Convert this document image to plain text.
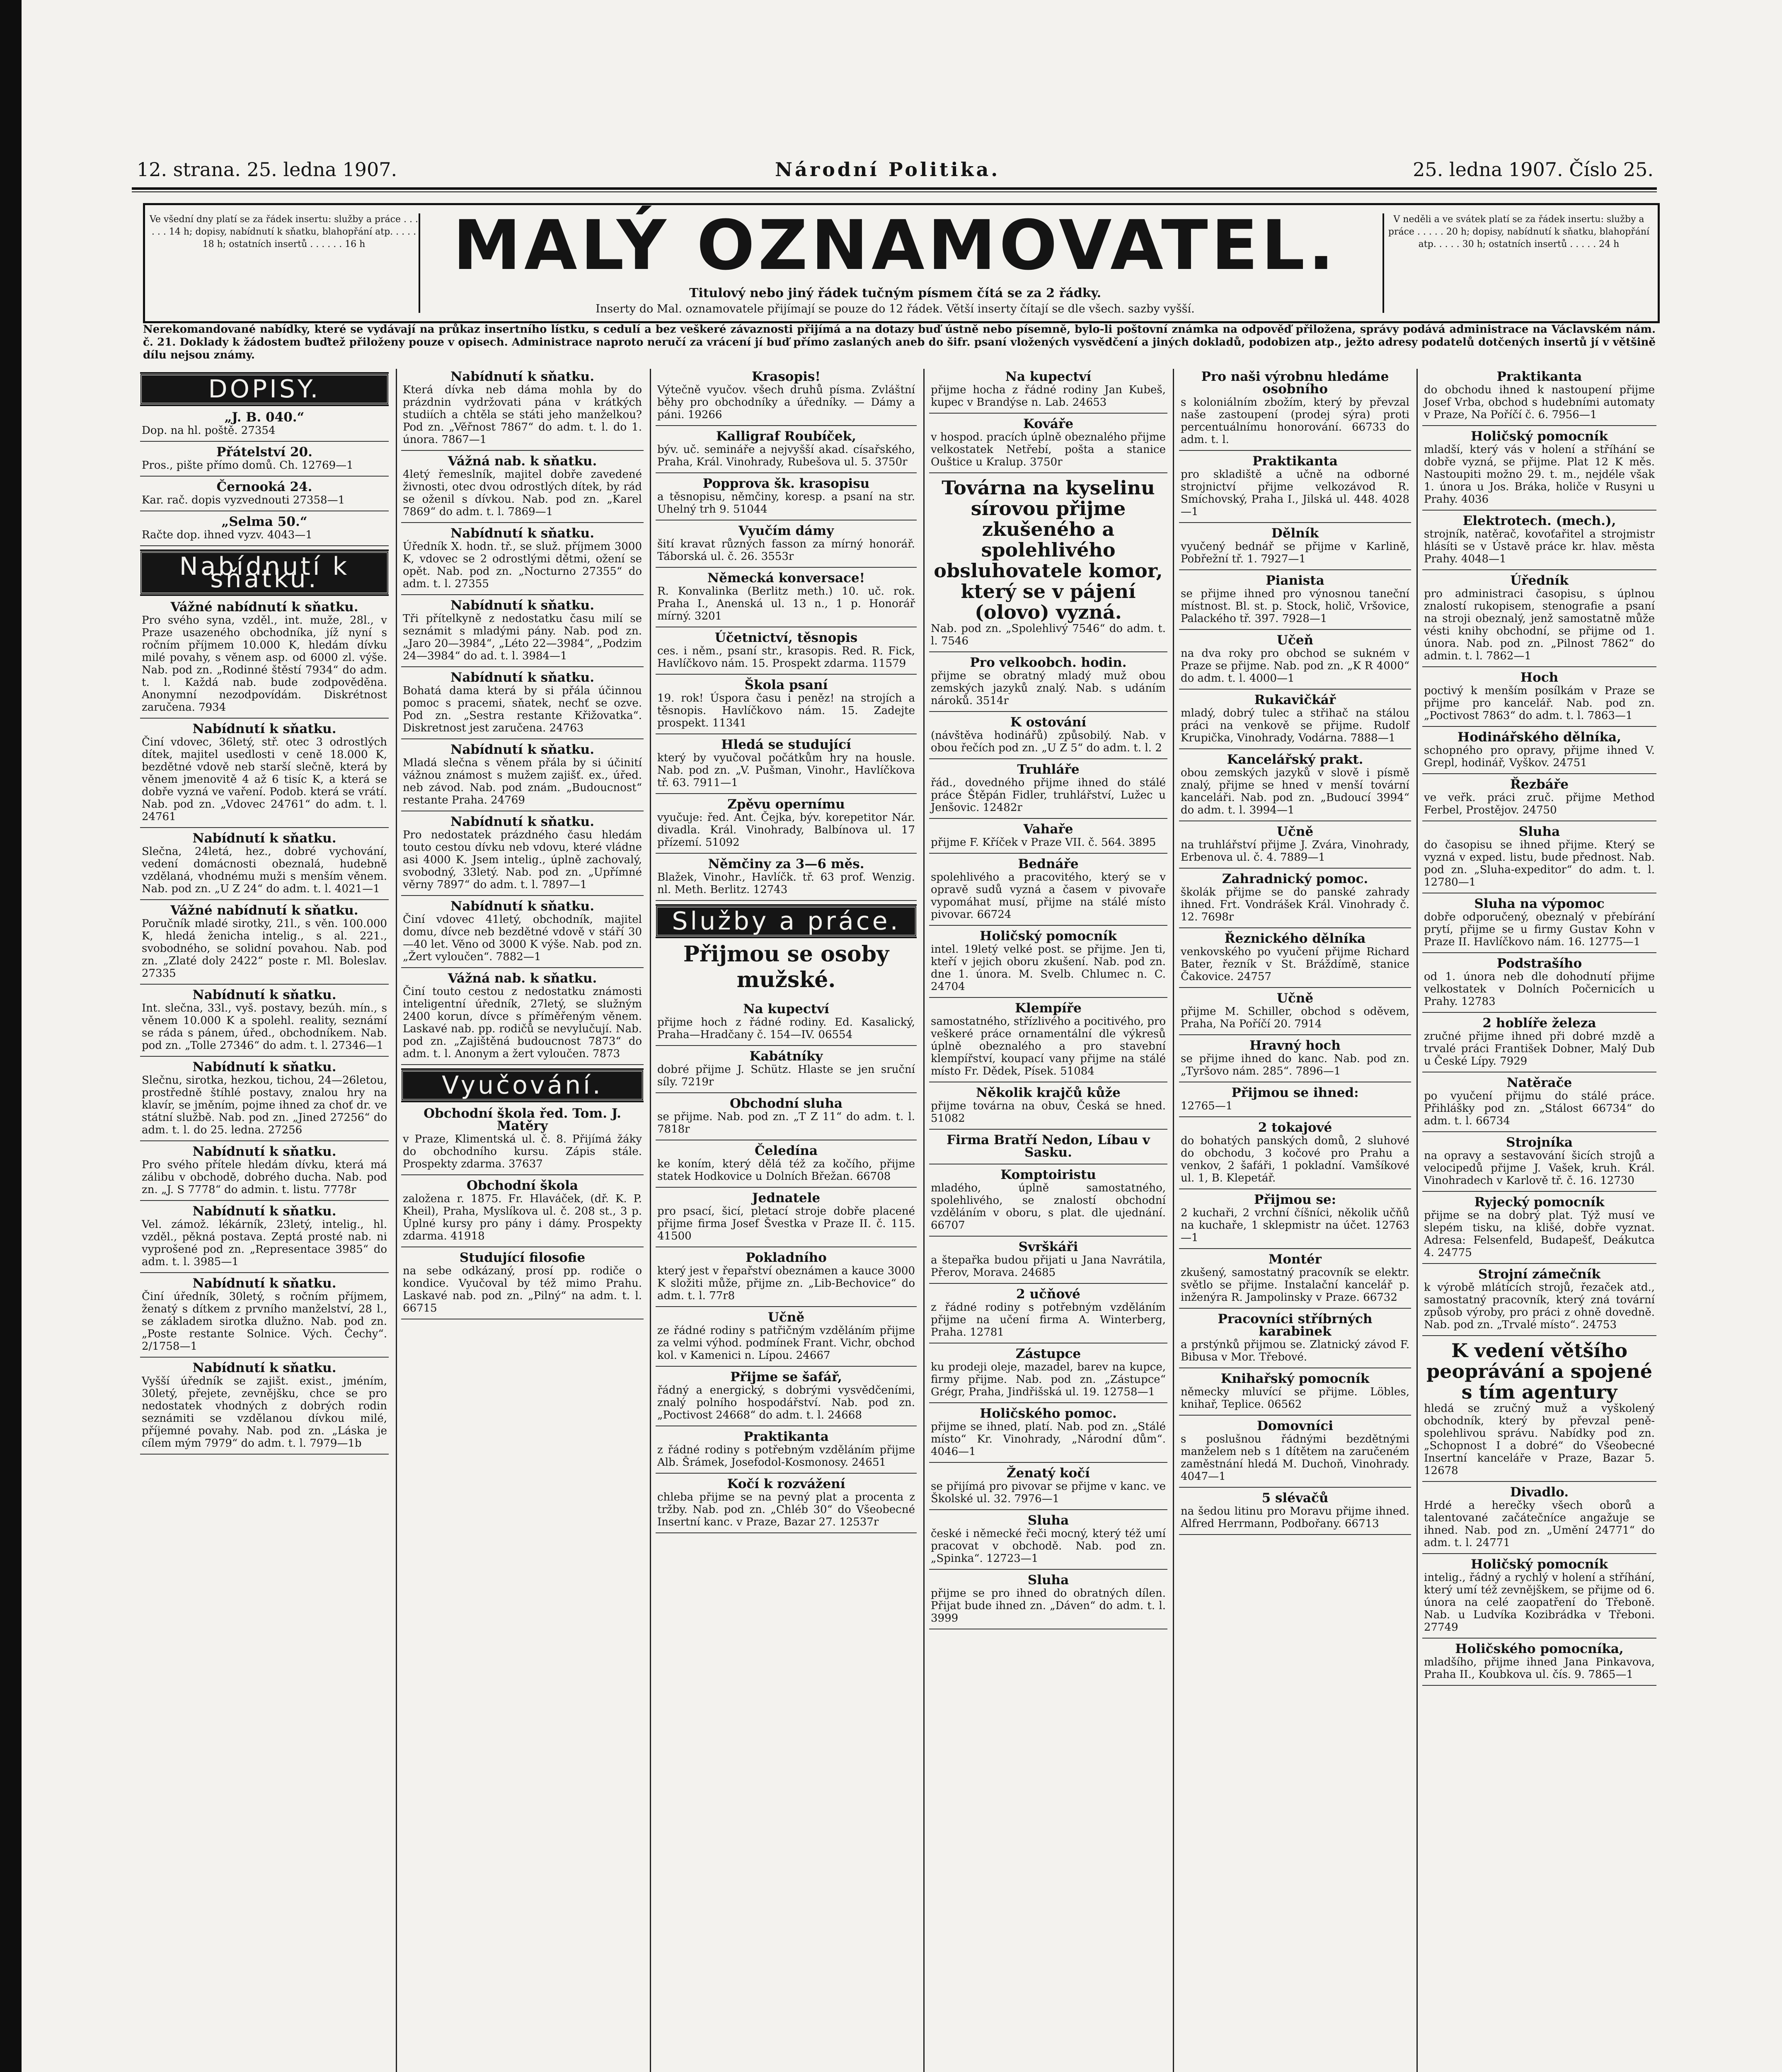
12. strana. 25. ledna 1907.	Národní Politika.	25. ledna 1907. Číslo 25.
Ve všední dny platí se za řádek insertu: služby a práce . . . . . . 14 h; dopisy, nabídnutí k sňatku, blahopřání atp. . . . . 18 h; ostatních insertů . . . . . . 16 h	MALÝ OZNAMOVATEL.
Titulový nebo jiný řádek tučným písmem čítá se za 2 řádky.
Inserty do Mal. oznamovatele přijímají se pouze do 12 řádek. Větší inserty čítají se dle všech. sazby vyšší.
V neděli a ve svátek platí se za řádek insertu: služby a práce . . . . . 20 h; dopisy, nabídnutí k sňatku, blahopřání atp. . . . . 30 h; ostatních insertů . . . . . 24 h
Nerekomandované nabídky, které se vydávají na průkaz insertního lístku, s cedulí a bez veškeré závaznosti přijímá a na dotazy buď ústně nebo písemně, bylo-li poštovní známka na odpověď přiložena, správy podává administrace na Václavském nám. č. 21. Doklady k žádostem buďtež přiloženy pouze v opisech. Administrace naproto neručí za vrácení jí buď přímo zaslaných aneb do šifr. psaní vložených vysvědčení a jiných dokladů, podobizen atp., ježto adresy podatelů dotčených insertů jí v většině dílu nejsou známy.
DOPISY.
„J. B. 040.“
Dop. na hl. poště. 27354
Přátelství 20.
Pros., pište přímo domů. Ch. 12769—1
Černooká 24.
Kar. rač. dopis vyzvednouti 27358—1
„Selma 50.“
Račte dop. ihned vyzv. 4043—1
Nabídnutí k sňatku.
Vážné nabídnutí k sňatku.
Pro svého syna, vzděl., int. muže, 28l., v Praze usazeného obchodníka, jíž nyní s ročním příjmem 10.000 K, hledám dívku milé povahy, s věnem asp. od 6000 zl. výše. Nab. pod zn. „Rodinné štěstí 7934“ do adm. t. l. Každá nab. bude zodpověděna. Anonymní nezodpovídám. Diskrétnost zaručena. 7934
Nabídnutí k sňatku.
Činí vdovec, 36letý, stř. otec 3 odrostlých dítek, majitel usedlosti v ceně 18.000 K, bezdětné vdově neb starší slečně, která by věnem jmenovitě 4 až 6 tisíc K, a která se dobře vyzná ve vaření. Podob. která se vrátí. Nab. pod zn. „Vdovec 24761“ do adm. t. l. 24761
Nabídnutí k sňatku.
Slečna, 24letá, hez., dobré vychování, vedení domácnosti obeznalá, hudebně vzdělaná, vhodnému muži s menším věnem. Nab. pod zn. „U Z 24“ do adm. t. l. 4021—1
Vážné nabídnutí k sňatku.
Poručník mladé sirotky, 21l., s věn. 100.000 K, hledá ženicha intelig., s al. 221., svobodného, se solidní povahou. Nab. pod zn. „Zlaté doly 2422“ poste r. Ml. Boleslav. 27335
Nabídnutí k sňatku.
Int. slečna, 33l., vyš. postavy, bezúh. mín., s věnem 10.000 K a spolehl. reality, seznámí se ráda s pánem, úřed., obchodníkem. Nab. pod zn. „Tolle 27346“ do adm. t. l. 27346—1
Nabídnutí k sňatku.
Slečnu, sirotka, hezkou, tichou, 24—26letou, prostředně štíhlé postavy, znalou hry na klavír, se jměním, pojme ihned za choť dr. ve státní službě. Nab. pod zn. „Jined 27256“ do adm. t. l. do 25. ledna. 27256
Nabídnutí k sňatku.
Pro svého přítele hledám dívku, která má zálibu v obchodě, dobrého ducha. Nab. pod zn. „J. S 7778“ do admin. t. listu. 7778r
Nabídnutí k sňatku.
Vel. zámož. lékárník, 23letý, intelig., hl. vzděl., pěkná postava. Zeptá prosté nab. ni vyprošené pod zn. „Representace 3985“ do adm. t. l. 3985—1
Nabídnutí k sňatku.
Činí úředník, 30letý, s ročním příjmem, ženatý s dítkem z prvního manželství, 28 l., se základem sirotka dlužno. Nab. pod zn. „Poste restante Solnice. Vých. Čechy“. 2/1758—1
Nabídnutí k sňatku.
Vyšší úředník se zajišt. exist., jméním, 30letý, přejete, zevnějšku, chce se pro nedostatek vhodných z dobrých rodin seznámiti se vzdělanou dívkou milé, příjemné povahy. Nab. pod zn. „Láska je cílem mým 7979“ do adm. t. l. 7979—1b
Nabídnutí k sňatku.
Která dívka neb dáma mohla by do prázdnin vydržovati pána v krátkých studiích a chtěla se státi jeho manželkou? Pod zn. „Věřnost 7867“ do adm. t. l. do 1. února. 7867—1
Vážná nab. k sňatku.
4letý řemeslník, majitel dobře zavedené živnosti, otec dvou odrostlých dítek, by rád se oženil s dívkou. Nab. pod zn. „Karel 7869“ do adm. t. l. 7869—1
Nabídnutí k sňatku.
Úředník X. hodn. tř., se služ. příjmem 3000 K, vdovec se 2 odrostlými dětmi, ožení se opět. Nab. pod zn. „Nocturno 27355“ do adm. t. l. 27355
Nabídnutí k sňatku.
Tři přítelkyně z nedostatku času milí se seznámit s mladými pány. Nab. pod zn. „Jaro 20—3984“, „Léto 22—3984“, „Podzim 24—3984“ do ad. t. l. 3984—1
Nabídnutí k sňatku.
Bohatá dama která by si přála účinnou pomoc s pracemi, sňatek, nechť se ozve. Pod zn. „Sestra restante Křižovatka“. Diskretnost jest zaručena. 24763
Nabídnutí k sňatku.
Mladá slečna s věnem přála by si účinití vážnou známost s mužem zajišť. ex., úřed. neb závod. Nab. pod znám. „Budoucnost“ restante Praha. 24769
Nabídnutí k sňatku.
Pro nedostatek prázdného času hledám touto cestou dívku neb vdovu, které vládne asi 4000 K. Jsem intelig., úplně zachovalý, svobodný, 33letý. Nab. pod zn. „Upřímné věrny 7897“ do adm. t. l. 7897—1
Nabídnutí k sňatku.
Činí vdovec 41letý, obchodník, majitel domu, dívce neb bezdětné vdově v stáří 30—40 let. Věno od 3000 K výše. Nab. pod zn. „Žert vyloučen“. 7882—1
Vážná nab. k sňatku.
Činí touto cestou z nedostatku známosti inteligentní úředník, 27letý, se služným 2400 korun, dívce s příměřeným věnem. Laskavé nab. pp. rodičů se nevylučují. Nab. pod zn. „Zajištěná budoucnost 7873“ do adm. t. l. Anonym a žert vyloučen. 7873
Vyučování.
Obchodní škola řed. Tom. J. Matěry
v Praze, Klimentská ul. č. 8. Přijímá žáky do obchodního kursu. Zápis stále. Prospekty zdarma. 37637
Obchodní škola
založena r. 1875. Fr. Hlaváček, (dř. K. P. Kheil), Praha, Myslíkova ul. č. 208 st., 3 p. Úplné kursy pro pány i dámy. Prospekty zdarma. 41918
Studující filosofie
na sebe odkázaný, prosí pp. rodiče o kondice. Vyučoval by též mimo Prahu. Laskavé nab. pod zn. „Pilný“ na adm. t. l. 66715
Krasopis!
Výtečně vyučov. všech druhů písma. Zvláštní běhy pro obchodníky a úředníky. — Dámy a páni. 19266
Kalligraf Roubíček,
býv. uč. semináře a nejvyšší akad. císařského, Praha, Král. Vinohrady, Rubešova ul. 5. 3750r
Popprova šk. krasopisu
a těsnopisu, němčiny, koresp. a psaní na str. Uhelný trh 9. 51044
Vyučím dámy
šití kravat různých fasson za mírný honorář. Táborská ul. č. 26. 3553r
Německá konversace!
R. Konvalinka (Berlitz meth.) 10. uč. rok. Praha I., Anenská ul. 13 n., 1 p. Honorář mírný. 3201
Účetnictví, těsnopis
ces. i něm., psaní str., krasopis. Red. R. Fick, Havlíčkovo nám. 15. Prospekt zdarma. 11579
Škola psaní
19. rok! Úspora času i peněz! na strojích a těsnopis. Havlíčkovo nám. 15. Zadejte prospekt. 11341
Hledá se studující
který by vyučoval počátkům hry na housle. Nab. pod zn. „V. Pušman, Vinohr., Havlíčkova tř. 63. 7911—1
Zpěvu opernímu
vyučuje: řed. Ant. Čejka, býv. korepetitor Nár. divadla. Král. Vinohrady, Balbínova ul. 17 přízemí. 51092
Němčiny za 3—6 měs.
Blažek, Vinohr., Havlíčk. tř. 63 prof. Wenzig. nl. Meth. Berlitz. 12743
Služby a práce.
Přijmou se osoby mužské.
Na kupectví
přijme hoch z řádné rodiny. Ed. Kasalický, Praha—Hradčany č. 154—IV. 06554
Kabátníky
dobré přijme J. Schütz. Hlaste se jen sruční síly. 7219r
Obchodní sluha
se přijme. Nab. pod zn. „T Z 11“ do adm. t. l. 7818r
Čeledína
ke koním, který dělá též za kočího, přijme statek Hodkovice u Dolních Břežan. 66708
Jednatele
pro psací, šicí, pletací stroje dobře placené přijme firma Josef Švestka v Praze II. č. 115. 41500
Pokladního
který jest v řepařství obeznámen a kauce 3000 K složiti může, přijme zn. „Lib-Bechovice“ do adm. t. l. 77r8
Učně
ze řádné rodiny s patřičným vzděláním přijme za velmi výhod. podmínek Frant. Vichr, obchod kol. v Kamenici n. Lípou. 24667
Přijme se šafář,
řádný a energický, s dobrými vysvědčeními, znalý polního hospodářství. Nab. pod zn. „Poctivost 24668“ do adm. t. l. 24668
Praktikanta
z řádné rodiny s potřebným vzděláním přijme Alb. Šrámek, Josefodol-Kosmonosy. 24651
Kočí k rozvážení
chleba přijme se na pevný plat a procenta z tržby. Nab. pod zn. „Chléb 30“ do Všeobecné Insertní kanc. v Praze, Bazar 27. 12537r
Na kupectví
přijme hocha z řádné rodiny Jan Kubeš, kupec v Brandýse n. Lab. 24653
Kováře
v hospod. pracích úplně obeznalého přijme velkostatek Netřebí, pošta a stanice Ouštice u Kralup. 3750r
Továrna na kyselinu sírovou přijme zkušeného a spolehlivého obsluhovatele komor, který se v pájení (olovo) vyzná.
Nab. pod zn. „Spolehlivý 7546“ do adm. t. l. 7546
Pro velkoobch. hodin.
přijme se obratný mladý muž obou zemských jazyků znalý. Nab. s udáním nároků. 3514r
K ostování
(návštěva hodinářů) způsobilý. Nab. v obou řečích pod zn. „U Z 5“ do adm. t. l. 2
Truhláře
řád., dovedného přijme ihned do stálé práce Štěpán Fidler, truhlářství, Lužec u Jenšovic. 12482r
Vahaře
přijme F. Kříček v Praze VII. č. 564. 3895
Bednáře
spolehlivého a pracovitého, který se v opravě sudů vyzná a časem v pivovaře vypomáhat musí, přijme na stálé místo pivovar. 66724
Holičský pomocník
intel. 19letý velké post. se přijme. Jen ti, kteří v jejich oboru zkušení. Nab. pod zn. dne 1. února. M. Svelb. Chlumec n. C. 24704
Klempíře
samostatného, střízlivého a pocitivého, pro veškeré práce ornamentální dle výkresů úplně obeznalého a pro stavební klempířství, koupací vany přijme na stálé místo Fr. Dědek, Písek. 51084
Několik krajčů kůže
přijme továrna na obuv, Česká se hned. 51082
Firma Bratří Nedon, Líbau v Sasku.
Komptoiristu
mladého, úplně samostatného, spolehlivého, se znalostí obchodní vzděláním v oboru, s plat. dle ujednání. 66707
Svrškáři
a štepařka budou přijati u Jana Navrátila, Přerov, Morava. 24685
2 učňové
z řádné rodiny s potřebným vzděláním přijme na učení firma A. Winterberg, Praha. 12781
Zástupce
ku prodeji oleje, mazadel, barev na kupce, firmy přijme. Nab. pod zn. „Zástupce“ Grégr, Praha, Jindřišská ul. 19. 12758—1
Holičského pomoc.
přijme se ihned, platí. Nab. pod zn. „Stálé místo“ Kr. Vinohrady, „Národní dům“. 4046—1
Ženatý kočí
se přijímá pro pivovar se přijme v kanc. ve Školské ul. 32. 7976—1
Sluha
české i německé řeči mocný, který též umí pracovat v obchodě. Nab. pod zn. „Spinka“. 12723—1
Sluha
přijme se pro ihned do obratných dílen. Přijat bude ihned zn. „Dáven“ do adm. t. l. 3999
Pro naši výrobnu hledáme osobního
s koloniálním zbožím, který by převzal naše zastoupení (prodej sýra) proti percentuálnímu honorování. 66733 do adm. t. l.
Praktikanta
pro skladiště a učně na odborné strojnictví přijme velkozávod R. Smíchovský, Praha I., Jilská ul. 448. 4028—1
Dělník
vyučený bednář se přijme v Karlině, Pobřežní tř. 1. 7927—1
Pianista
se přijme ihned pro výnosnou taneční místnost. Bl. st. p. Stock, holič, Vršovice, Palackého tř. 397. 7928—1
Učeň
na dva roky pro obchod se sukném v Praze se přijme. Nab. pod zn. „K R 4000“ do adm. t. l. 4000—1
Rukavičkář
mladý, dobrý tulec a střihač na stálou práci na venkově se přijme. Rudolf Krupička, Vinohrady, Vodárna. 7888—1
Kancelářský prakt.
obou zemských jazyků v slově i písmě znalý, přijme se hned v menší tovární kanceláři. Nab. pod zn. „Budoucí 3994“ do adm. t. l. 3994—1
Učně
na truhlářství přijme J. Zvára, Vinohrady, Erbenova ul. č. 4. 7889—1
Zahradnický pomoc.
školák přijme se do panské zahrady ihned. Frt. Vondrášek Král. Vinohrady č. 12. 7698r
Řeznického dělníka
venkovského po vyučení přijme Richard Bater, řezník v St. Bráždímě, stanice Čakovice. 24757
Učně
přijme M. Schiller, obchod s oděvem, Praha, Na Poříčí 20. 7914
Hravný hoch
se přijme ihned do kanc. Nab. pod zn. „Tyršovo nám. 285“. 7896—1
Přijmou se ihned:
12765—1
2 tokajové
do bohatých panských domů, 2 sluhové do obchodu, 3 kočové pro Prahu a venkov, 2 šafáři, 1 pokladní. Vamšíkové ul. 1, B. Klepetář.
Přijmou se:
2 kuchaři, 2 vrchní číšníci, několik učňů na kuchaře, 1 sklepmistr na účet. 12763—1
Montér
zkušený, samostatný pracovník se elektr. světlo se přijme. Instalační kancelář p. inženýra R. Jampolinsky v Praze. 66732
Pracovníci stříbrných karabinek
a prstýnků přijmou se. Zlatnický závod F. Bibusa v Mor. Třebové.
Knihařský pomocník
německy mluvící se přijme. Löbles, knihař, Teplice. 06562
Domovníci
s poslušnou řádnými bezdětnými manželem neb s 1 dítětem na zaručeném zaměstnání hledá M. Duchoň, Vinohrady. 4047—1
5 slévačů
na šedou litinu pro Moravu přijme ihned. Alfred Herrmann, Podbořany. 66713
Praktikanta
do obchodu ihned k nastoupení přijme Josef Vrba, obchod s hudebními automaty v Praze, Na Poříčí č. 6. 7956—1
Holičský pomocník
mladší, který vás v holení a stříhání se dobře vyzná, se přijme. Plat 12 K měs. Nastoupiti možno 29. t. m., nejdéle však 1. února u Jos. Bráka, holiče v Rusyni u Prahy. 4036
Elektrotech. (mech.),
strojník, natěrač, kovoťařitel a strojmistr hlásíti se v Ústavě práce kr. hlav. města Prahy. 4048—1
Úředník
pro administraci časopisu, s úplnou znalostí rukopisem, stenografie a psaní na stroji obeznalý, jenž samostatně může vésti knihy obchodní, se přijme od 1. února. Nab. pod zn. „Pilnost 7862“ do admin. t. l. 7862—1
Hoch
poctivý k menším posílkám v Praze se přijme pro kancelář. Nab. pod zn. „Poctivost 7863“ do adm. t. l. 7863—1
Hodinářského dělníka,
schopného pro opravy, přijme ihned V. Grepl, hodinář, Vyškov. 24751
Řezbáře
ve veřk. práci zruč. přijme Method Ferbel, Prostějov. 24750
Sluha
do časopisu se ihned přijme. Který se vyzná v exped. listu, bude přednost. Nab. pod zn. „Sluha-expeditor“ do adm. t. l. 12780—1
Sluha na výpomoc
dobře odporučený, obeznalý v přebírání prytí, přijme se u firmy Gustav Kohn v Praze II. Havlíčkovo nám. 16. 12775—1
Podstrašího
od 1. února neb dle dohodnutí přijme velkostatek v Dolních Počernicích u Prahy. 12783
2 hoblíře železa
zručné přijme ihned při dobré mzdě a trvalé práci František Dobner, Malý Dub u České Lípy. 7929
Natěrače
po vyučení přijmu do stálé práce. Přihlášky pod zn. „Stálost 66734“ do adm. t. l. 66734
Strojníka
na opravy a sestavování šicích strojů a velocipedů přijme J. Vašek, kruh. Král. Vinohradech v Karlově tř. č. 16. 12730
Ryjecký pomocník
přijme se na dobrý plat. Týž musí ve slepém tisku, na klišé, dobře vyznat. Adresa: Felsenfeld, Budapešť, Deákutca 4. 24775
Strojní zámečník
k výrobě mlátících strojů, řezaček atd., samostatný pracovník, který zná tovární způsob výroby, pro práci z ohně dovedně. Nab. pod zn. „Trvalé místo“. 24753
K vedení většího peoprávání a spojené s tím agentury
hledá se zručný muž a vyškolený obchodník, který by převzal peně-spolehlivou správu. Nabídky pod zn. „Schopnost I a dobré“ do Všeobecné Insertní kanceláře v Praze, Bazar 5. 12678
Divadlo.
Hrdé a herečky všech oborů a talentované začátečníce angažuje se ihned. Nab. pod zn. „Umění 24771“ do adm. t. l. 24771
Holičský pomocník
intelig., řádný a rychlý v holení a stříhání, který umí též zevnějškem, se přijme od 6. února na celé zaopatření do Třeboně. Nab. u Ludvíka Kozibrádka v Třeboni. 27749
Holičského pomocníka,
mladšího, přijme ihned Jana Pinkavova, Praha II., Koubkova ul. čís. 9. 7865—1
